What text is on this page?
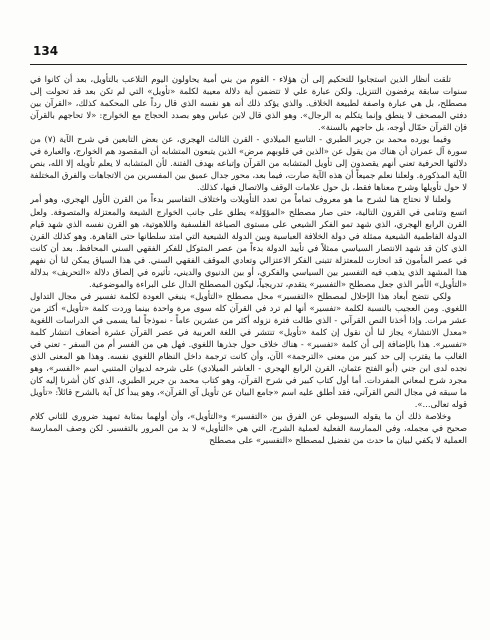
134

تلقت أنظار الذين استجابوا للتحكيم إلى أن هؤلاء - القوم من بني أمية يحاولون اليوم التلاعب بالتأويل، بعد أن كانوا في سنوات سابقة يرفضون التنزيل. ولكن عبارة علي لا تتضمن أية دلالة معيبة لكلمة «تأويل» التي لم تكن بعد قد تحولت إلى مصطلح، بل هي عبارة واصفة لطبيعة الخلاف. والذي يؤكد ذلك أنه هو نفسه الذي قال رداً على المحكمة كذلك، «القرآن بين دفتي المصحف لا ينطق وإنما يتكلم به الرجال». وهو الذي قال لابن عباس وهو بصدد الحجاج مع الخوارج: «لا تحاجهم بالقرآن فإن القرآن حمّال أوجه، بل حاجهم بالسنة».

وفيما يورده محمد بن جرير الطبري - التاسع الميلادي - القرن الثالث الهجري، عن بعض التابعين في شرح الآية (٧) من سورة آل عمران أن هناك من يقول عن «الذين في قلوبهم مرض» الذين يتبعون المتشابه أن المقصود هم الخوارج، والعبارة في دلالتها الحرفية تعني أنهم يقصدون إلى تأويل المتشابه من القرآن وإتباعه بهدف الفتنة. لأن المتشابه لا يعلم تأويله إلا الله، بنص الآية المذكورة. ولعلنا نعلم جميعاً أن هذه الآية صارت، فيما بعد، محور جدال عميق بين المفسرين من الاتجاهات والفرق المختلفة لا حول تأويلها وشرح معناها فقط، بل حول علامات الوقف والاتصال فيها، كذلك.

ولعلنا لا نحتاج هنا لشرح ما هو معروف تماماً من تعدد التأويلات واختلاف التفاسير بدءاً من القرن الأول الهجري، وهو أمر اتسع وتنامى في القرون التالية، حتى صار مصطلح «المؤوّلة» يطلق على جانب الخوارج الشيعة والمعتزلة والمتصوفة. ولعل القرن الرابع الهجري، الذي شهد تمو الفكر الشيعي على مستوى الصياغة الفلسفية واللاهوتية، هو القرن نفسه الذي شهد قيام الدولة الفاطمية الشيعية ممثلة في دولة الخلافة العباسية وبين الدولة الشيعية التي امتد سلطانها حتى القاهرة. وهو كذلك القرن الذي كان قد شهد الانتصار السياسي ممثلاً في تأييد الدولة بدءاً من عصر المتوكل للفكر الفقهي السني المحافظ. بعد أن كانت في عصر المأمون قد انحازت للمعتزلة تتبنى الفكر الاعتزالي وتعادي الموقف الفقهي السني. في هذا السياق يمكن لنا أن نفهم هذا المشهد الذي يذهب فيه التفسير بين السياسي والفكري، أو بين الدنيوي والديني، تأثيره في إلصاق دلالة «التحريف» بدلالة «التأويل» الأمر الذي جعل مصطلح «التفسير» يتقدم، تدريجياً، ليكون المصطلح الدال على البراءة والموضوعية.

ولكي نتضح أبعاد هذا الإحلال لمصطلح «التفسير» محل مصطلح «التأويل» ينبغي العودة لكلمة تفسير في مجال التداول اللغوي. ومن العجيب بالنسبة لكلمة «تفسير» أنها لم ترد في القرآن كله سوى مرة واحدة بينما وردت كلمة «تأويل» أكثر من عشر مرات. وإذا أخذنا النص القرآني - الذي طالت فترة نزوله أكثر من عشرين عاماً - نموذجاً لما يسمى في الدراسات اللغوية «معدل الانتشار» يجاز لنا أن نقول إن كلمة «تأويل» تنتشر في اللغة العربية في عصر القرآن عشرة أضعاف انتشار كلمة «تفسير». هذا بالإضافة إلى أن كلمة «تفسير» - هناك خلاف حول جذرها اللغوي. فهل هي من الفسر أم من السفر - تعني في الغالب ما يقترب إلى حد كبير من معنى «الترجمة» الآن، وأن كانت ترجمة داخل النظام اللغوي نفسه. وهذا هو المعنى الذي نجده لدى ابن جني (أبو الفتح عثمان، القرن الرابع الهجري - العاشر الميلادي) على شرحه لديوان المتنبي اسم «الفسر»، وهو مجرد شرح لمعاني المفردات. أما أول كتاب كبير في شرح القرآن، وهو كتاب محمد بن جرير الطبري، الذي كان أشرنا إليه كان ما سبقه في مجال النص القرآني، فقد أطلق عليه اسم «جامع البيان عن تأويل آي القرآن»، وهو يبدأ كل آية بالشرح قائلاً: «تأويل قوله تعالى...».

وخلاصة ذلك أن ما يقوله السيوطي عن الفرق بين «التفسير» و«التأويل»، وأن أولهما بمثابة تمهيد ضروري للثاني كلام صحيح في مجمله، وفي الممارسة الفعلية لعملية الشرح، التي هي «التأويل» لا بد من المرور بالتفسير. لكن وصف الممارسة العملية لا يكفي لبيان ما حدث من تفضيل لمصطلح «التفسير» على مصطلح
